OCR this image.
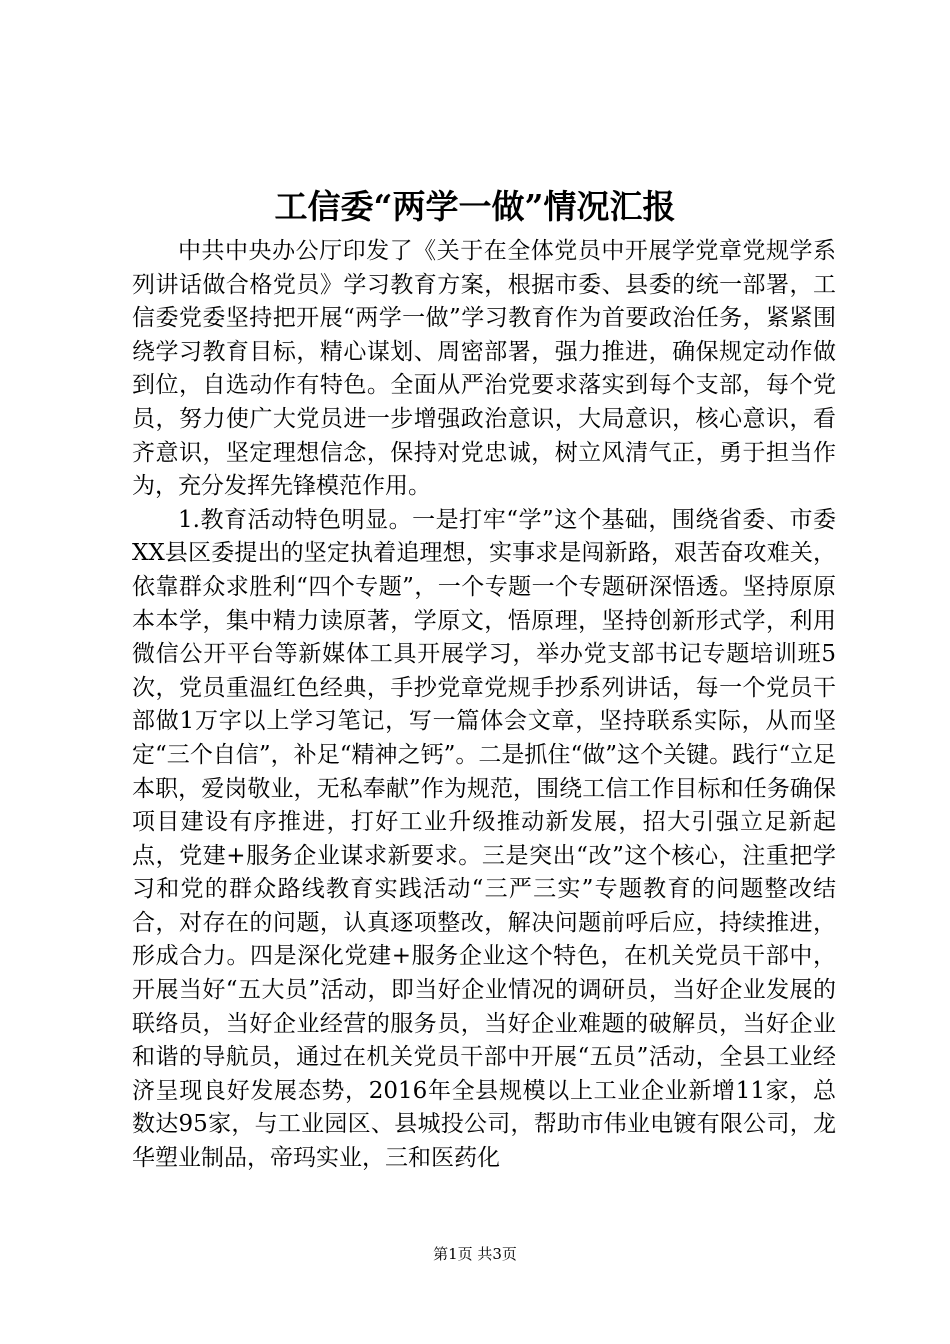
工信委“两学一做”情况汇报

中共中央办公厅印发了《关于在全体党员中开展学党章党规学系列讲话做合格党员》学习教育方案，根据市委、县委的统一部署，工信委党委坚持把开展“两学一做”学习教育作为首要政治任务，紧紧围绕学习教育目标，精心谋划、周密部署，强力推进，确保规定动作做到位，自选动作有特色。全面从严治党要求落实到每个支部，每个党员，努力使广大党员进一步增强政治意识，大局意识，核心意识，看齐意识，坚定理想信念，保持对党忠诚，树立风清气正，勇于担当作为，充分发挥先锋模范作用。

1.教育活动特色明显。一是打牢“学”这个基础，围绕省委、市委XX县区委提出的坚定执着追理想，实事求是闯新路，艰苦奋攻难关，依靠群众求胜利“四个专题”，一个专题一个专题研深悟透。坚持原原本本学，集中精力读原著，学原文，悟原理，坚持创新形式学，利用微信公开平台等新媒体工具开展学习，举办党支部书记专题培训班5次，党员重温红色经典，手抄党章党规手抄系列讲话，每一个党员干部做1万字以上学习笔记，写一篇体会文章，坚持联系实际，从而坚定“三个自信”，补足“精神之钙”。二是抓住“做”这个关键。践行“立足本职，爱岗敬业，无私奉献”作为规范，围绕工信工作目标和任务确保项目建设有序推进，打好工业升级推动新发展，招大引强立足新起点，党建+服务企业谋求新要求。三是突出“改”这个核心，注重把学习和党的群众路线教育实践活动“三严三实”专题教育的问题整改结合，对存在的问题，认真逐项整改，解决问题前呼后应，持续推进，形成合力。四是深化党建+服务企业这个特色，在机关党员干部中，开展当好“五大员”活动，即当好企业情况的调研员，当好企业发展的联络员，当好企业经营的服务员，当好企业难题的破解员，当好企业和谐的导航员，通过在机关党员干部中开展“五员”活动，全县工业经济呈现良好发展态势，2016年全县规模以上工业企业新增11家，总数达95家，与工业园区、县城投公司，帮助市伟业电镀有限公司，龙华塑业制品，帝玛实业，三和医药化

第1页 共3页
